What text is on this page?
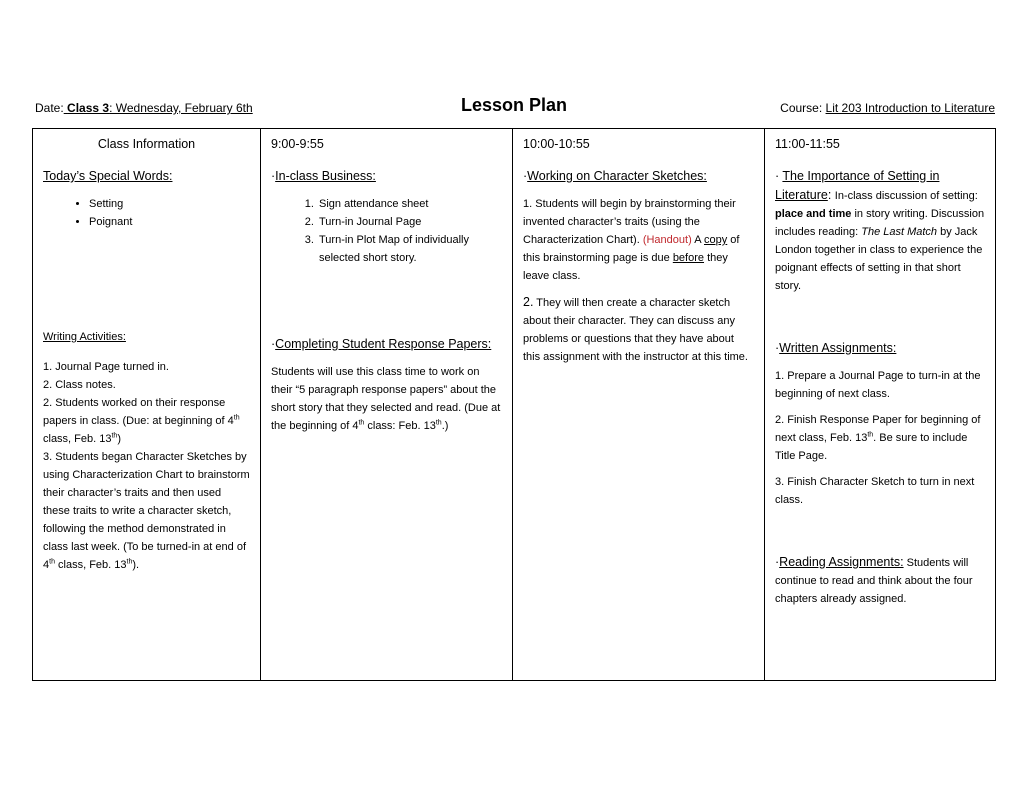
Date: Class 3: Wednesday, February 6th	Lesson Plan	Course: Lit 203 Introduction to Literature
Class Information
Today’s Special Words:
• Setting
• Poignant

Writing Activities:

1. Journal Page turned in.

2. Class notes.

2. Students worked on their response papers in class. (Due: at beginning of 4th class, Feb. 13th)

3. Students began Character Sketches by using Characterization Chart to brainstorm their character’s traits and then used these traits to write a character sketch, following the method demonstrated in class last week. (To be turned-in at end of 4th class, Feb. 13th).

9:00-9:55
·In-class Business:
1. Sign attendance sheet
2. Turn-in Journal Page
3. Turn-in Plot Map of individually selected short story.
·Completing Student Response Papers:

Students will use this class time to work on their “5 paragraph response papers” about the short story that they selected and read. (Due at the beginning of 4th class: Feb. 13th.)

10:00-10:55
·Working on Character Sketches:

1. Students will begin by brainstorming their invented character’s traits (using the Characterization Chart). (Handout) A copy of this brainstorming page is due before they leave class.

2. They will then create a character sketch about their character. They can discuss any problems or questions that they have about this assignment with the instructor at this time.

11:00-11:55

· The Importance of Setting in Literature: In-class discussion of setting: place and time in story writing. Discussion includes reading: The Last Match by Jack London together in class to experience the poignant effects of setting in that short story.

·Written Assignments:

1. Prepare a Journal Page to turn-in at the beginning of next class.

2. Finish Response Paper for beginning of next class, Feb. 13th. Be sure to include Title Page.

3. Finish Character Sketch to turn in next class.

·Reading Assignments: Students will continue to read and think about the four chapters already assigned.
